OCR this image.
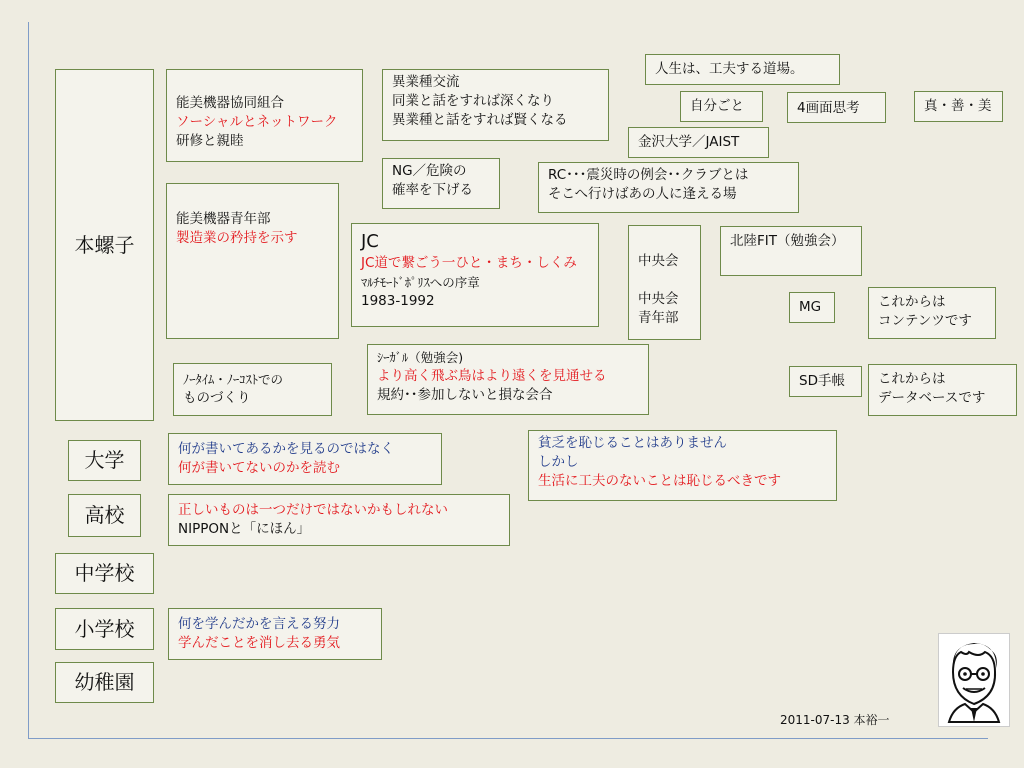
本螺子
大学
高校
中学校
小学校
幼稚園
能美機器協同組合
ソーシャルとネットワーク
研修と親睦
能美機器青年部
製造業の矜持を示す
ﾉｰﾀｲﾑ・ﾉｰｺｽﾄでの
ものづくり
異業種交流
同業と話をすれば深くなり
異業種と話をすれば賢くなる
NG／危険の
確率を下げる
RC･･･震災時の例会･･クラブとは
そこへ行けばあの人に逢える場
JC
JC道で繋ごう一ひと・まち・しくみ
ﾏﾙﾁﾓｰﾄﾞﾎﾟﾘｽへの序章
1983-1992
ｼｰｶﾞﾙ（勉強会)
より高く飛ぶ鳥はより遠くを見通せる
規約･･参加しないと損な会合
中央会
中央会
青年部
人生は、工夫する道場。
自分ごと	4画面思考	真・善・美
金沢大学／JAIST
北陸FIT（勉強会）
MG	これからは
コンテンツです
SD手帳	これからは
データベースです
何が書いてあるかを見るのではなく
何が書いてないのかを読む
貧乏を恥じることはありません
しかし
生活に工夫のないことは恥じるべきです
正しいものは一つだけではないかもしれない
NIPPONと「にほん」
何を学んだかを言える努力
学んだことを消し去る勇気
2011-07-13 本裕一
